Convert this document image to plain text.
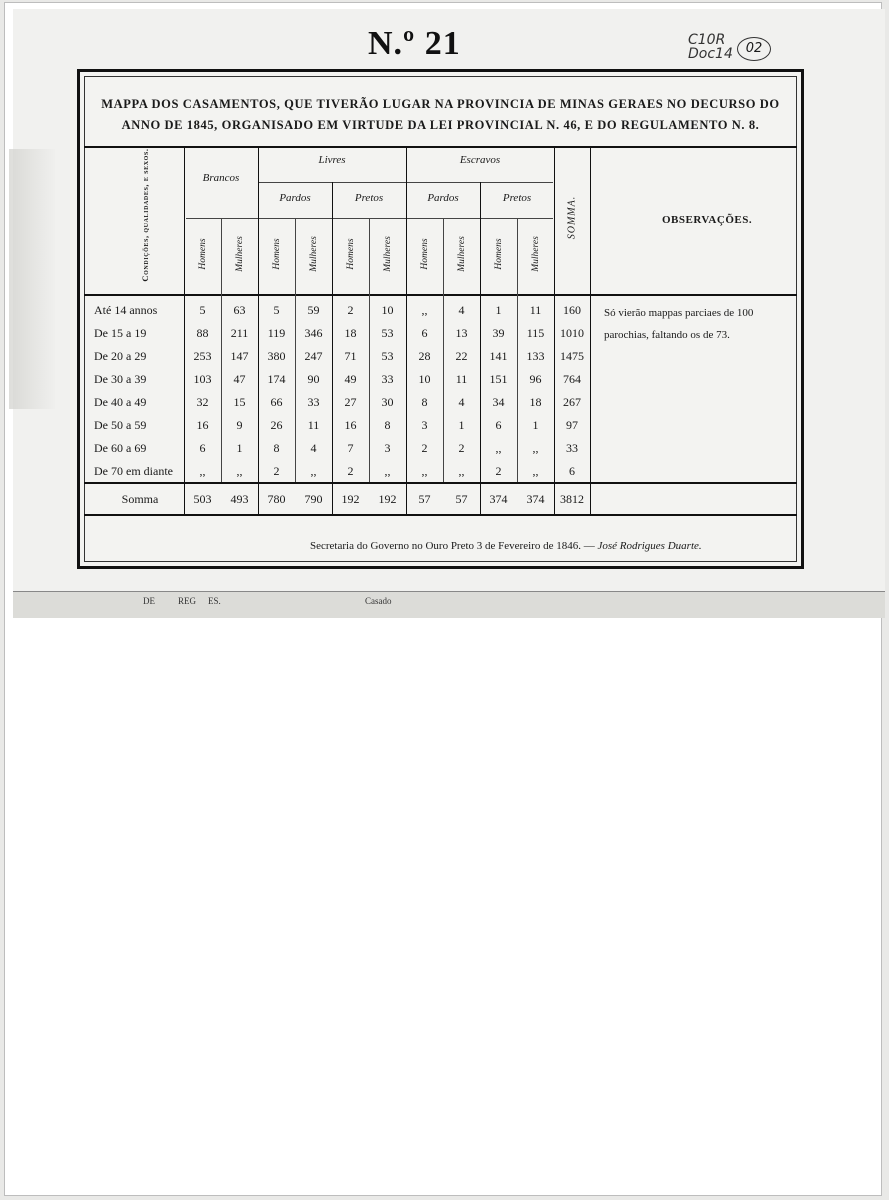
N.º 21	C10R
Doc14 02
MAPPA DOS CASAMENTOS, QUE TIVERÃO LUGAR NA PROVINCIA DE MINAS GERAES NO DECURSO DO
ANNO DE 1845, ORGANISADO EM VIRTUDE DA LEI PROVINCIAL N. 46, E DO REGULAMENTO N. 8.
Condições, qualidades, e sexos.	Brancos
Livres	Escravos
Pardos	Pretos	Pardos	Pretos	SOMMA.	OBSERVAÇÕES.
Homens	Mulheres	Homens	Mulheres	Homens	Mulheres	Homens	Mulheres	Homens	Mulheres
Até 14 annos	5	63	5	59	2	10	,,	4	1	11	160
De 15 a 19	88	211	119	346	18	53	6	13	39	115	1010
De 20 a 29	253	147	380	247	71	53	28	22	141	133	1475
De 30 a 39	103	47	174	90	49	33	10	11	151	96	764
De 40 a 49	32	15	66	33	27	30	8	4	34	18	267
De 50 a 59	16	9	26	11	16	8	3	1	6	1	97
De 60 a 69	6	1	8	4	7	3	2	2	,,	,,	33
De 70 em diante	,,	,,	2	,,	2	,,	,,	,,	2	,,	6
Somma	503	493	780	790	192	192	57	57	374	374	3812
Só vierão mappas parciaes de 100
parochias, faltando os de 73.
Secretaria do Governo no Ouro Preto 3 de Fevereiro de 1846. — José Rodrigues Duarte.
DE	REG ES.	Casado
